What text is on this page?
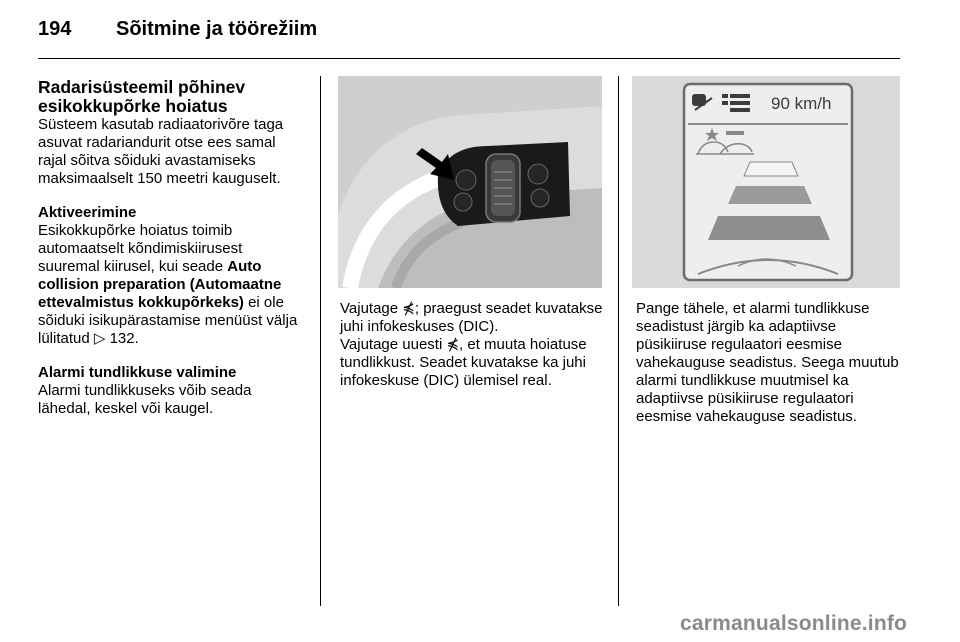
194	Sõitmine ja töörežiim
Radarisüsteemil põhinev esikokkupõrke hoiatus

Süsteem kasutab radiaatorivõre taga asuvat radariandurit otse ees samal rajal sõitva sõiduki avastamiseks maksimaalselt 150 meetri kauguselt.

Aktiveerimine
Esikokkupõrke hoiatus toimib automaatselt kõndimiskiirusest suuremal kiirusel, kui seade Auto collision preparation (Automaatne ettevalmistus kokkupõrkeks) ei ole sõiduki isikupärastamise menüüst välja lülitatud ▷ 132.

Alarmi tundlikkuse valimine
Alarmi tundlikkuseks võib seada lähedal, keskel või kaugel.

Vajutage ⋠; praegust seadet kuvatakse juhi infokeskuses (DIC).
Vajutage uuesti ⋠, et muuta hoiatuse tundlikkust. Seadet kuvatakse ka juhi infokeskuse (DIC) ülemisel real.

90 km/h

Pange tähele, et alarmi tundlikkuse seadistust järgib ka adaptiivse püsikiiruse regulaatori eesmise vahekauguse seadistus. Seega muutub alarmi tundlikkuse muutmisel ka adaptiivse püsikiiruse regulaatori eesmise vahekauguse seadistus.

carmanualsonline.info
